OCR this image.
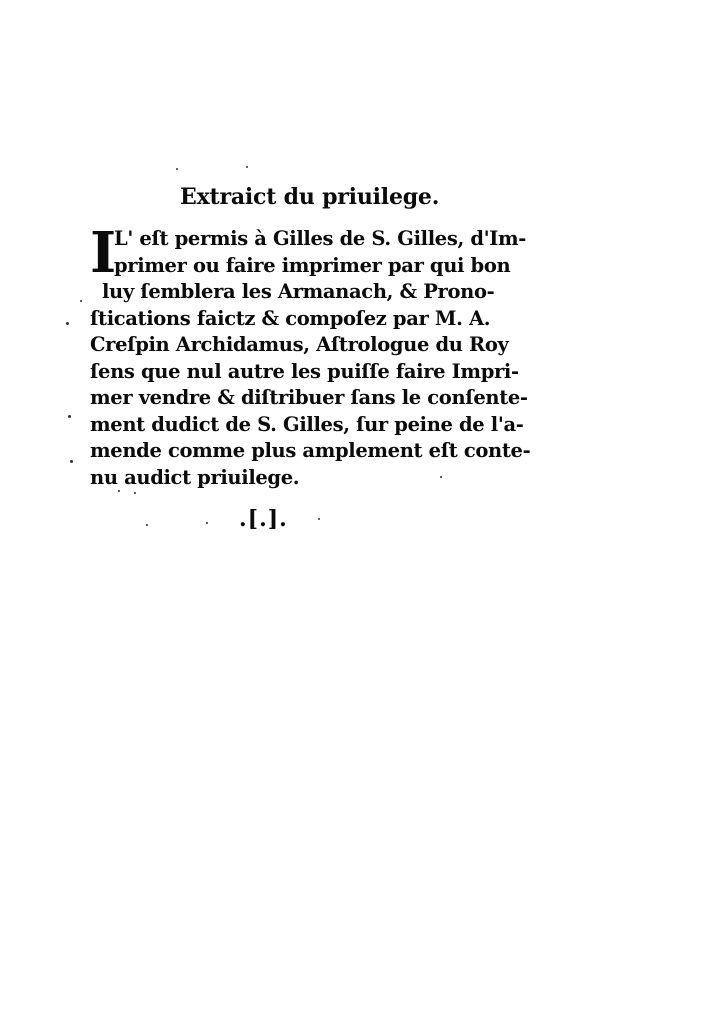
Extraict du priuilege.
I
L' eſt permis à Gilles de S. Gilles, d'Im-
primer ou faire imprimer par qui bon
luy ſemblera les Armanach, & Prono-
ſtications faictz & compoſez par M. A.
Creſpin Archidamus, Aſtrologue du Roy
ſens que nul autre les puiſſe faire Impri-
mer vendre & diſtribuer ſans le conſente-
ment dudict de S. Gilles, ſur peine de l'a-
mende comme plus amplement eſt conte-
nu audict priuilege.
.[.].
